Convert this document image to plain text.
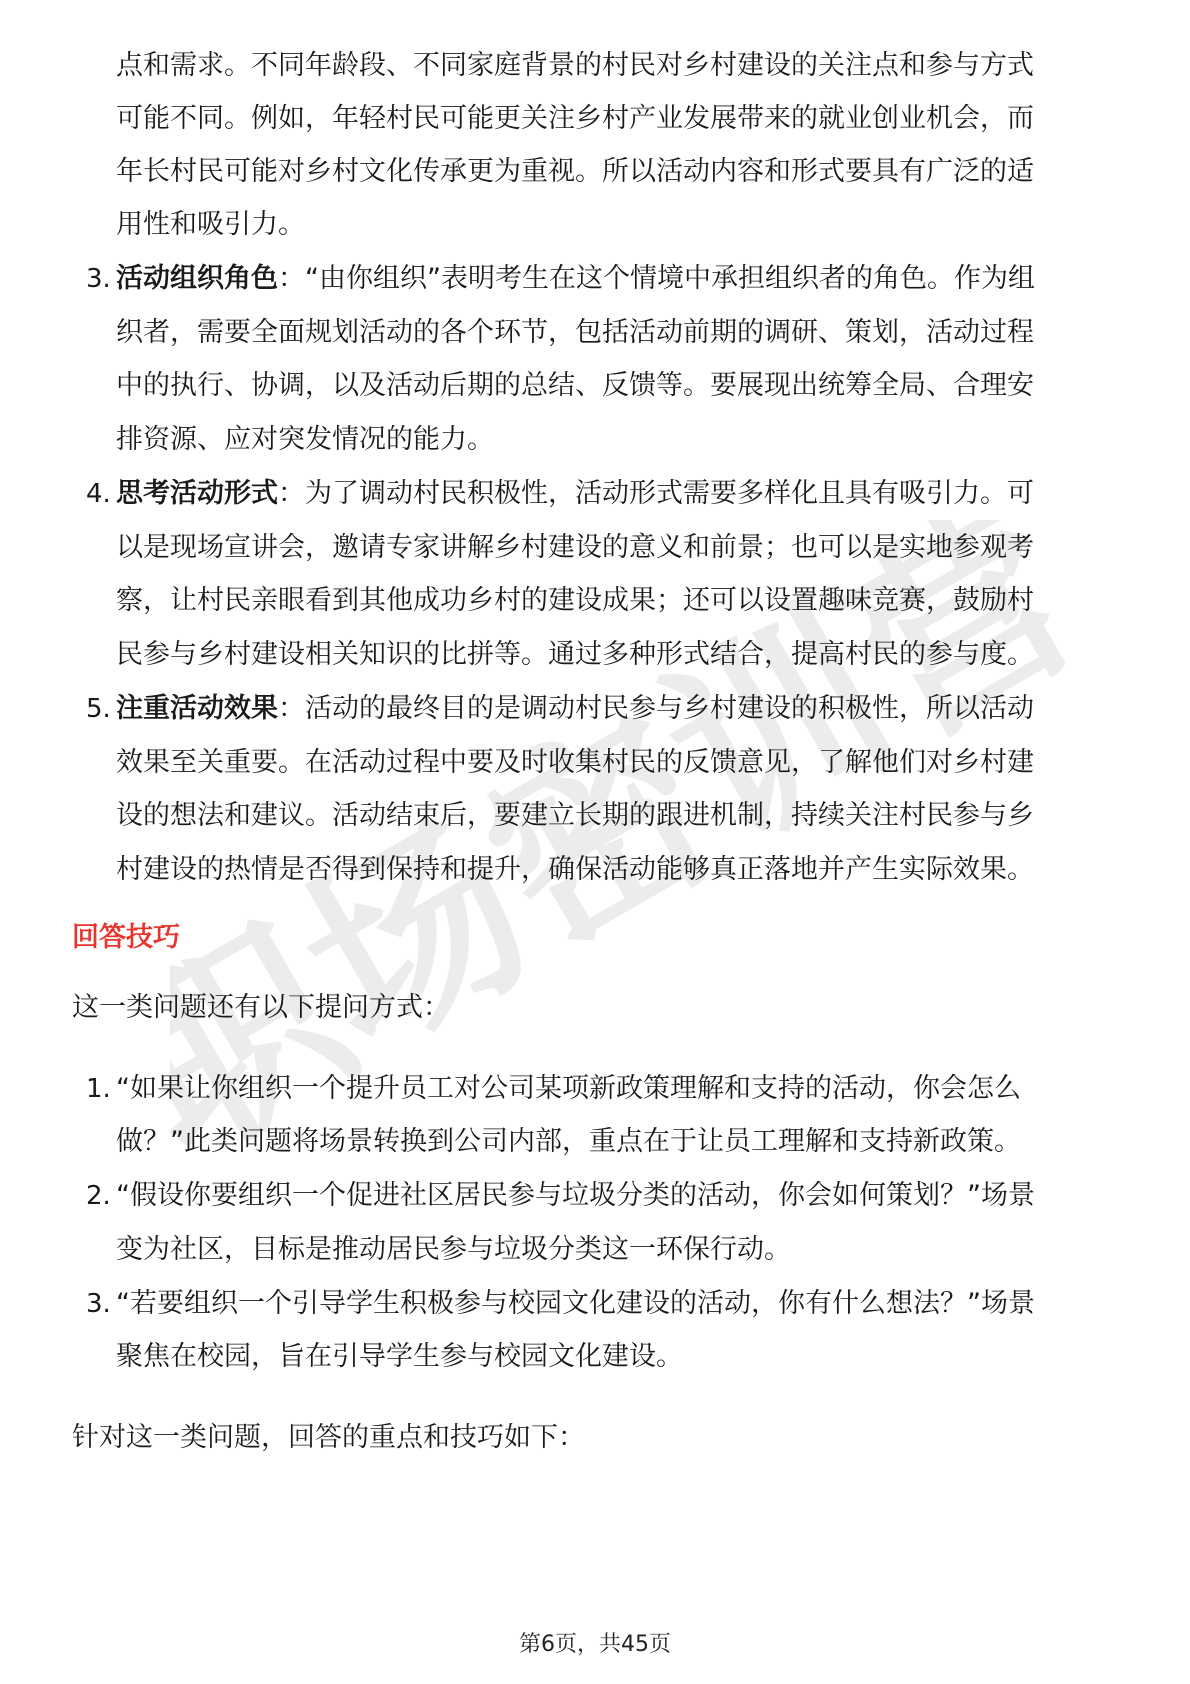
职场密训营
点和需求。不同年龄段、不同家庭背景的村民对乡村建设的关注点和参与方式
可能不同。例如，年轻村民可能更关注乡村产业发展带来的就业创业机会，而
年长村民可能对乡村文化传承更为重视。所以活动内容和形式要具有广泛的适
用性和吸引力。
3. 活动组织角色：“由你组织”表明考生在这个情境中承担组织者的角色。作为组
织者，需要全面规划活动的各个环节，包括活动前期的调研、策划，活动过程
中的执行、协调，以及活动后期的总结、反馈等。要展现出统筹全局、合理安
排资源、应对突发情况的能力。
4. 思考活动形式：为了调动村民积极性，活动形式需要多样化且具有吸引力。可
以是现场宣讲会，邀请专家讲解乡村建设的意义和前景；也可以是实地参观考
察，让村民亲眼看到其他成功乡村的建设成果；还可以设置趣味竞赛，鼓励村
民参与乡村建设相关知识的比拼等。通过多种形式结合，提高村民的参与度。
5. 注重活动效果：活动的最终目的是调动村民参与乡村建设的积极性，所以活动
效果至关重要。在活动过程中要及时收集村民的反馈意见，了解他们对乡村建
设的想法和建议。活动结束后，要建立长期的跟进机制，持续关注村民参与乡
村建设的热情是否得到保持和提升，确保活动能够真正落地并产生实际效果。
回答技巧
这一类问题还有以下提问方式：
1. “如果让你组织一个提升员工对公司某项新政策理解和支持的活动，你会怎么
做？”此类问题将场景转换到公司内部，重点在于让员工理解和支持新政策。
2. “假设你要组织一个促进社区居民参与垃圾分类的活动，你会如何策划？”场景
变为社区，目标是推动居民参与垃圾分类这一环保行动。
3. “若要组织一个引导学生积极参与校园文化建设的活动，你有什么想法？”场景
聚焦在校园，旨在引导学生参与校园文化建设。
针对这一类问题，回答的重点和技巧如下：
第6页，共45页
